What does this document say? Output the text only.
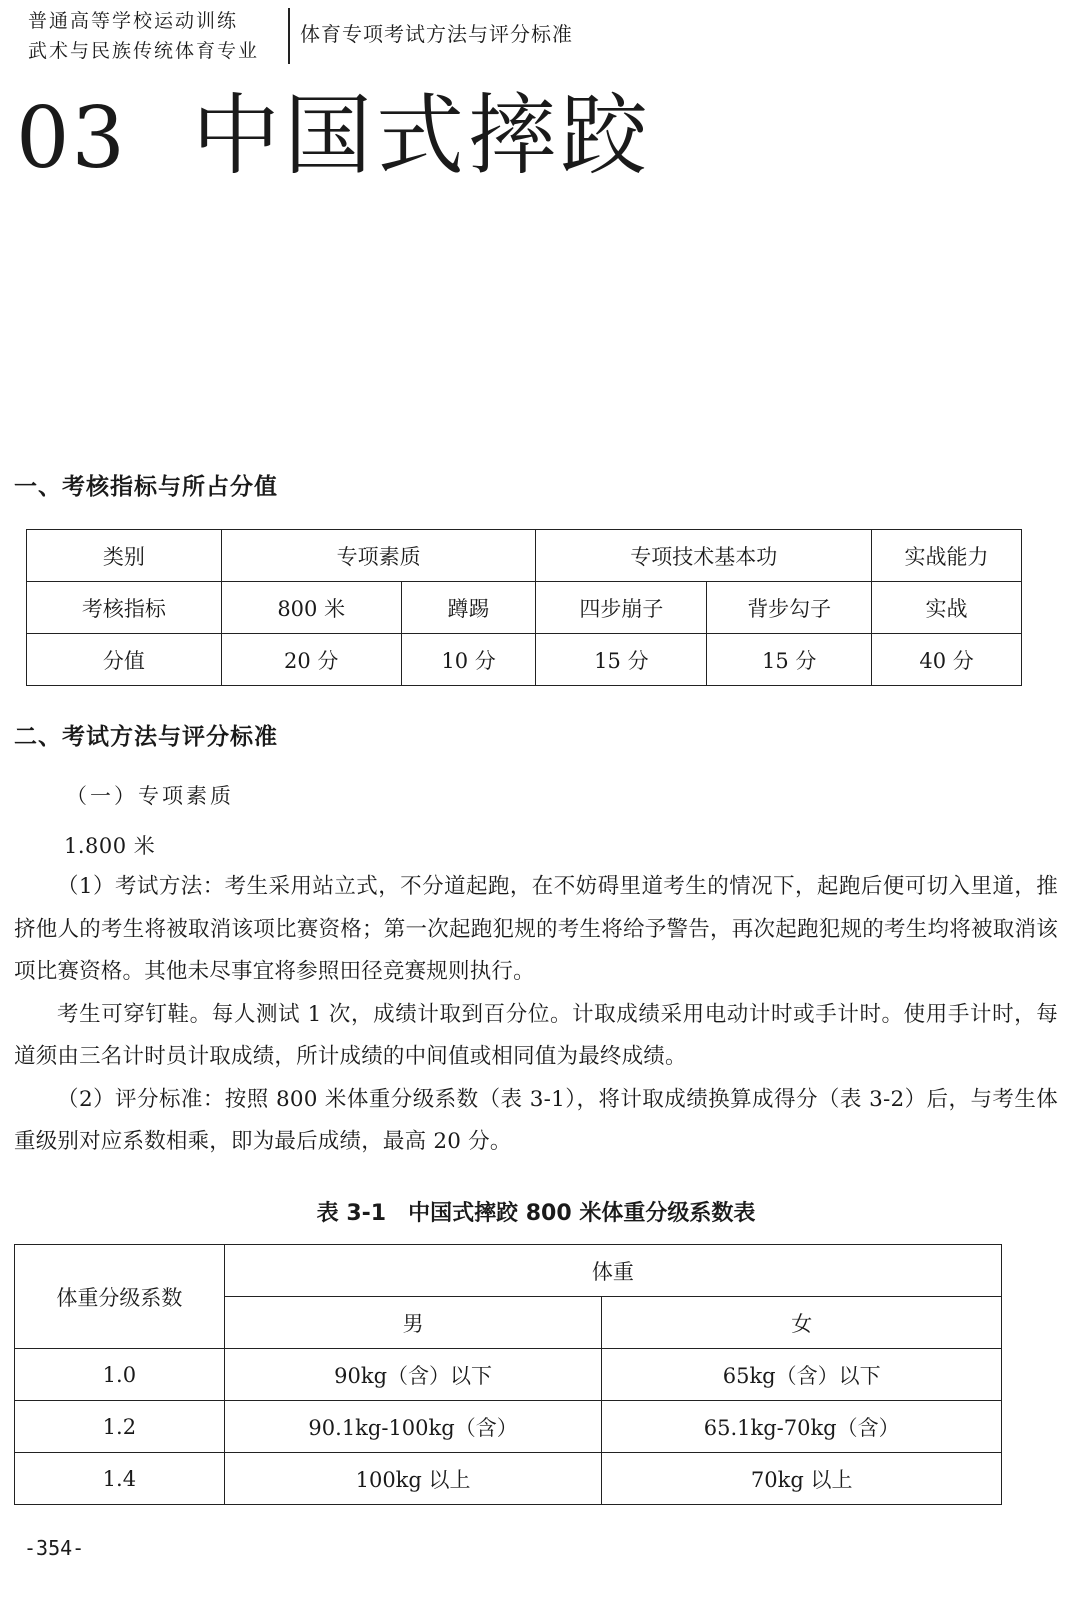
普通高等学校运动训练
武术与民族传统体育专业
体育专项考试方法与评分标准
03 中国式摔跤
一、考核指标与所占分值
类别	专项素质		专项技术基本功		实战能力
考核指标	800 米	蹲踢	四步崩子	背步勾子	实战
分值	20 分	10 分	15 分	15 分	40 分
二、考试方法与评分标准
（一）专项素质
1.800 米

（1）考试方法：考生采用站立式，不分道起跑，在不妨碍里道考生的情况下，起跑后便可切入里道，推挤他人的考生将被取消该项比赛资格；第一次起跑犯规的考生将给予警告，再次起跑犯规的考生均将被取消该项比赛资格。其他未尽事宜将参照田径竞赛规则执行。

考生可穿钉鞋。每人测试 1 次，成绩计取到百分位。计取成绩采用电动计时或手计时。使用手计时，每道须由三名计时员计取成绩，所计成绩的中间值或相同值为最终成绩。

（2）评分标准：按照 800 米体重分级系数（表 3-1），将计取成绩换算成得分（表 3-2）后，与考生体重级别对应系数相乘，即为最后成绩，最高 20 分。

表 3-1　中国式摔跤 800 米体重分级系数表
体重分级系数	体重	
	男	女
1.0	90kg（含）以下	65kg（含）以下
1.2	90.1kg-100kg（含）	65.1kg-70kg（含）
1.4	100kg 以上	70kg 以上
-354-
